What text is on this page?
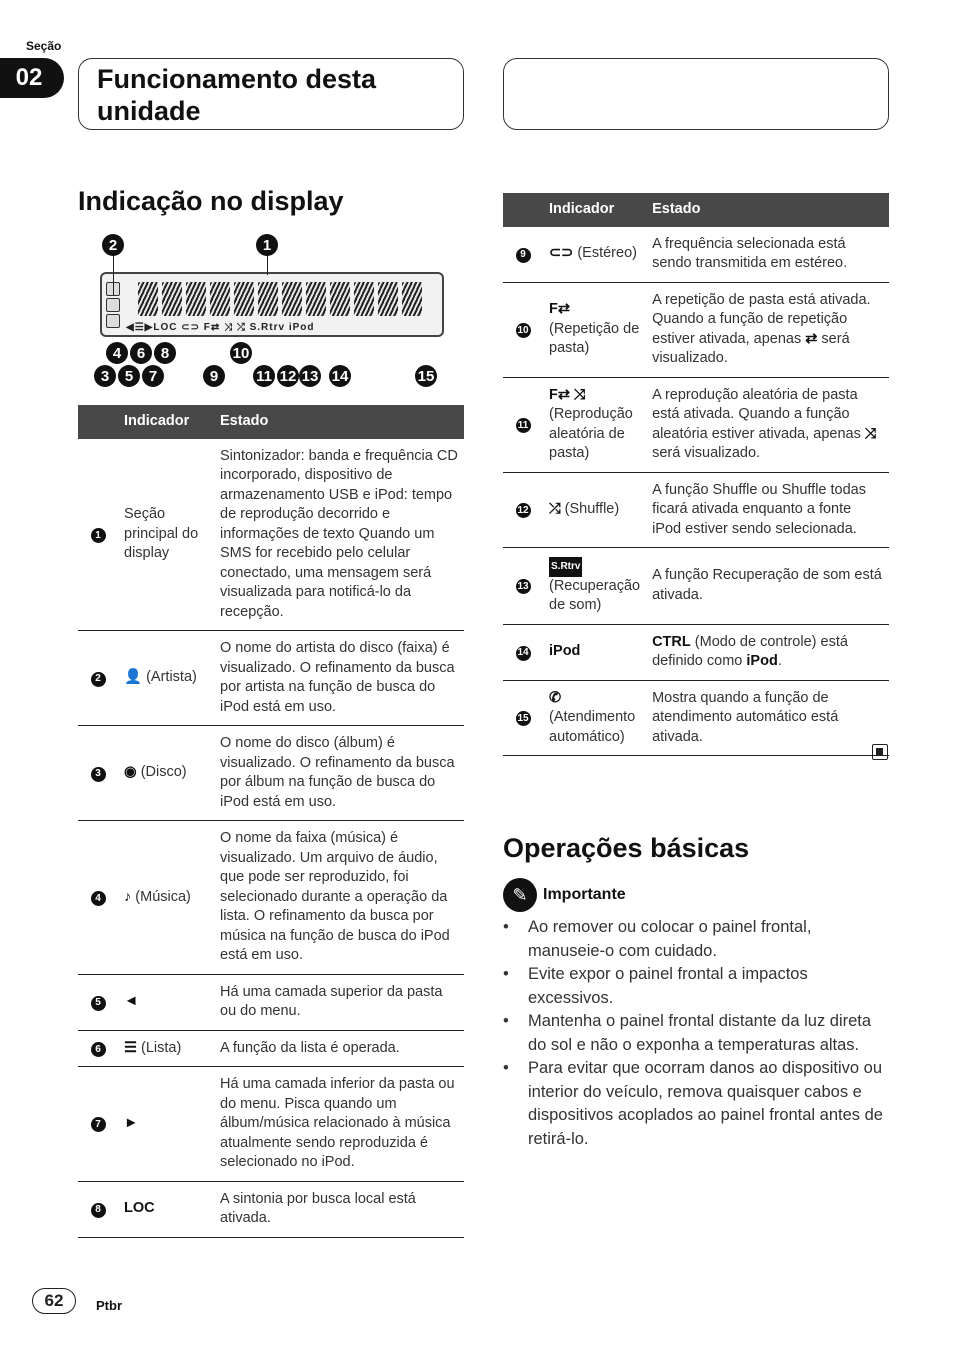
Seção
02	Funcionamento desta unidade
Indicação no display
◀☰▶LOC ⊂⊃ F⇄ ⤨ ⤮ S.Rtrv iPod
2	1
4	6	8	10
3	5	7	9	11 12 13 14	15
	Indicador	Estado
1	Seção principal do display	Sintonizador: banda e frequência CD incorporado, dispositivo de armazenamento USB e iPod: tempo de reprodução decorrido e informações de texto Quando um SMS for recebido pelo celular conectado, uma mensagem será visualizada para notificá-lo da recepção.
2	👤 (Artista)	O nome do artista do disco (faixa) é visualizado. O refinamento da busca por artista na função de busca do iPod está em uso.
3	◉ (Disco)	O nome do disco (álbum) é visualizado. O refinamento da busca por álbum na função de busca do iPod está em uso.
4	♪ (Música)	O nome da faixa (música) é visualizado. Um arquivo de áudio, que pode ser reproduzido, foi selecionado durante a operação da lista. O refinamento da busca por música na função de busca do iPod está em uso.
5	◄	Há uma camada superior da pasta ou do menu.
6	☰ (Lista)	A função da lista é operada.
7	►	Há uma camada inferior da pasta ou do menu. Pisca quando um álbum/música relacionado à música atualmente sendo reproduzida é selecionado no iPod.
8	LOC	A sintonia por busca local está ativada.
	Indicador	Estado
9	⊂⊃ (Estéreo)	A frequência selecionada está sendo transmitida em estéreo.
10	F⇄ (Repetição de pasta)	A repetição de pasta está ativada. Quando a função de repetição estiver ativada, apenas ⇄ será visualizado.
11	F⇄ ⤨ (Reprodução aleatória de pasta)	A reprodução aleatória de pasta está ativada. Quando a função aleatória estiver ativada, apenas ⤨ será visualizado.
12	⤮ (Shuffle)	A função Shuffle ou Shuffle todas ficará ativada enquanto a fonte iPod estiver sendo selecionada.
13	S.Rtrv (Recuperação de som)	A função Recuperação de som está ativada.
14	iPod	CTRL (Modo de controle) está definido como iPod.
15	✆ (Atendimento automático)	Mostra quando a função de atendimento automático está ativada.
Operações básicas
✎ Importante
• Ao remover ou colocar o painel frontal, manuseie-o com cuidado.
• Evite expor o painel frontal a impactos excessivos.
• Mantenha o painel frontal distante da luz direta do sol e não o exponha a temperaturas altas.
• Para evitar que ocorram danos ao dispositivo ou interior do veículo, remova quaisquer cabos e dispositivos acoplados ao painel frontal antes de retirá-lo.
62	Ptbr
